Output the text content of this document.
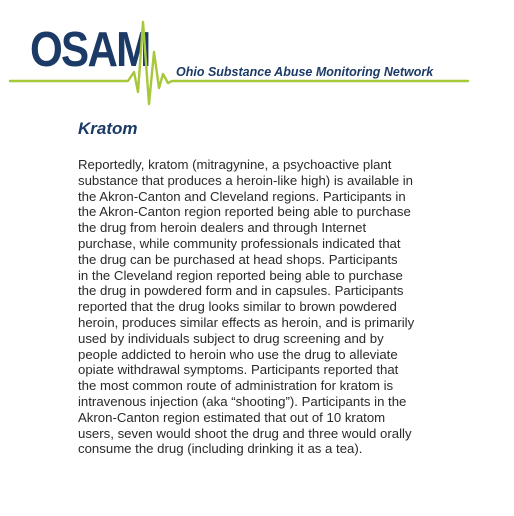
OSAM Ohio Substance Abuse Monitoring Network
Kratom
Reportedly, kratom (mitragynine, a psychoactive plant
substance that produces a heroin-like high) is available in
the Akron-Canton and Cleveland regions. Participants in
the Akron-Canton region reported being able to purchase
the drug from heroin dealers and through Internet
purchase, while community professionals indicated that
the drug can be purchased at head shops. Participants
in the Cleveland region reported being able to purchase
the drug in powdered form and in capsules. Participants
reported that the drug looks similar to brown powdered
heroin, produces similar effects as heroin, and is primarily
used by individuals subject to drug screening and by
people addicted to heroin who use the drug to alleviate
opiate withdrawal symptoms. Participants reported that
the most common route of administration for kratom is
intravenous injection (aka “shooting”). Participants in the
Akron-Canton region estimated that out of 10 kratom
users, seven would shoot the drug and three would orally
consume the drug (including drinking it as a tea).
